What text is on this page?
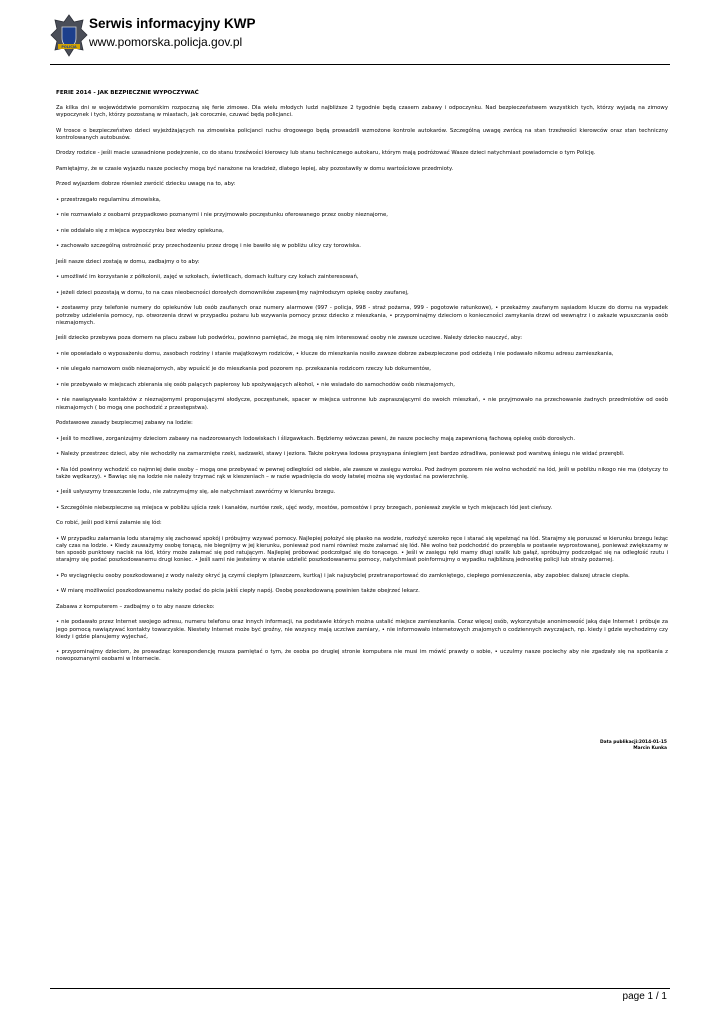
POLICJA
Serwis informacyjny KWP
www.pomorska.policja.gov.pl
FERIE 2014 - JAK BEZPIECZNIE WYPOCZYWAĆ

Za kilka dni w województwie pomorskim rozpoczną się ferie zimowe. Dla wielu młodych ludzi najbliższe 2 tygodnie będą czasem zabawy i odpoczynku. Nad bezpieczeństwem wszystkich tych, którzy wyjadą na zimowy wypoczynek i tych, którzy pozostaną w miastach, jak corocznie, czuwać będą policjanci.

W trosce o bezpieczeństwo dzieci wyjeżdżających na zimowiska policjanci ruchu drogowego będą prowadzili wzmożone kontrole autokarów. Szczególną uwagę zwrócą na stan trzeźwości kierowców oraz stan techniczny kontrolowanych autobusów.

Drodzy rodzice - jeśli macie uzasadnione podejrzenie, co do stanu trzeźwości kierowcy lub stanu technicznego autokaru, którym mają podróżować Wasze dzieci natychmiast powiadomcie o tym Policję.

Pamiętajmy, że w czasie wyjazdu nasze pociechy mogą być narażone na kradzież, dlatego lepiej, aby pozostawiły w domu wartościowe przedmioty.

Przed wyjazdem dobrze również zwrócić dziecku uwagę na to, aby:

• przestrzegało regulaminu zimowiska,

• nie rozmawiało z osobami przypadkowo poznanymi i nie przyjmowało poczęstunku oferowanego przez osoby nieznajome,

• nie oddalało się z miejsca wypoczynku bez wiedzy opiekuna,

• zachowało szczególną ostrożność przy przechodzeniu przez drogę i nie bawiło się w pobliżu ulicy czy torowiska.

Jeśli nasze dzieci zostają w domu, zadbajmy o to aby:

• umożliwić im korzystanie z półkolonii, zajęć w szkołach, świetlicach, domach kultury czy kołach zainteresowań,

• jeżeli dzieci pozostają w domu, to na czas nieobecności dorosłych domowników zapewnijmy najmłodszym opiekę osoby zaufanej,

• zostawmy przy telefonie numery do opiekunów lub osób zaufanych oraz numery alarmowe (997 - policja, 998 - straż pożarna, 999 - pogotowie ratunkowe), • przekażmy zaufanym sąsiadom klucze do domu na wypadek potrzeby udzielenia pomocy, np. otworzenia drzwi w przypadku pożaru lub wzywania pomocy przez dziecko z mieszkania, • przypominajmy dzieciom o konieczności zamykania drzwi od wewnątrz i o zakazie wpuszczania osób nieznajomych.

Jeśli dziecko przebywa poza domem na placu zabaw lub podwórku, powinno pamiętać, że mogą się nim interesować osoby nie zawsze uczciwe. Należy dziecko nauczyć, aby:

• nie opowiadało o wyposażeniu domu, zasobach rodziny i stanie majątkowym rodziców, • klucze do mieszkania nosiło zawsze dobrze zabezpieczone pod odzieżą i nie podawało nikomu adresu zamieszkania,

• nie ulegało namowom osób nieznajomych, aby wpuścić je do mieszkania pod pozorem np. przekazania rodzicom rzeczy lub dokumentów,

• nie przebywało w miejscach zbierania się osób palących papierosy lub spożywających alkohol, • nie wsiadało do samochodów osób nieznajomych,

• nie nawiązywało kontaktów z nieznajomymi proponującymi słodycze, poczęstunek, spacer w miejsca ustronne lub zapraszającymi do swoich mieszkań, • nie przyjmowało na przechowanie żadnych przedmiotów od osób nieznajomych ( bo mogą one pochodzić z przestępstwa).

Podstawowe zasady bezpiecznej zabawy na lodzie:

• Jeśli to możliwe, zorganizujmy dzieciom zabawy na nadzorowanych lodowiskach i ślizgawkach. Będziemy wówczas pewni, że nasze pociechy mają zapewnioną fachową opiekę osób dorosłych.

• Należy przestrzec dzieci, aby nie wchodziły na zamarznięte rzeki, sadzawki, stawy i jeziora. Także pokrywa lodowa przysypana śniegiem jest bardzo zdradliwa, ponieważ pod warstwą śniegu nie widać przerębli.

• Na lód powinny wchodzić co najmniej dwie osoby – mogą one przebywać w pewnej odległości od siebie, ale zawsze w zasięgu wzroku. Pod żadnym pozorem nie wolno wchodzić na lód, jeśli w pobliżu nikogo nie ma (dotyczy to także wędkarzy). • Bawiąc się na lodzie nie należy trzymać rąk w kieszeniach – w razie wpadnięcia do wody łatwiej można się wydostać na powierzchnię.

• Jeśli usłyszymy trzeszczenie lodu, nie zatrzymujmy się, ale natychmiast zawróćmy w kierunku brzegu.

• Szczególnie niebezpieczne są miejsca w pobliżu ujścia rzek i kanałów, nurtów rzek, ujęć wody, mostów, pomostów i przy brzegach, ponieważ zwykle w tych miejscach lód jest cieńszy.

Co robić, jeśli pod kimś załamie się lód:

• W przypadku załamania lodu starajmy się zachować spokój i próbujmy wzywać pomocy. Najlepiej położyć się płasko na wodzie, rozłożyć szeroko ręce i starać się wpełznąć na lód. Starajmy się poruszać w kierunku brzegu leżąc cały czas na lodzie. • Kiedy zauważymy osobę tonącą, nie biegnijmy w jej kierunku, ponieważ pod nami również może załamać się lód. Nie wolno też podchodzić do przerębla w postawie wyprostowanej, ponieważ zwiększamy w ten sposób punktowy nacisk na lód, który może załamać się pod ratującym. Najlepiej próbować podczołgać się do tonącego. • Jeśli w zasięgu ręki mamy długi szalik lub gałąź, spróbujmy podczołgać się na odległość rzutu i starajmy się podać poszkodowanemu drugi koniec. • Jeśli sami nie jesteśmy w stanie udzielić poszkodowanemu pomocy, natychmiast poinformujmy o wypadku najbliższą jednostkę policji lub straży pożarnej.

• Po wyciągnięciu osoby poszkodowanej z wody należy okryć ją czymś ciepłym (płaszczem, kurtką) i jak najszybciej przetransportować do zamkniętego, ciepłego pomieszczenia, aby zapobiec dalszej utracie ciepła.

• W miarę możliwości poszkodowanemu należy podać do picia jakiś ciepły napój. Osobę poszkodowaną powinien także obejrzeć lekarz.

Zabawa z komputerem – zadbajmy o to aby nasze dziecko:

• nie podawało przez Internet swojego adresu, numeru telefonu oraz innych informacji, na podstawie których można ustalić miejsce zamieszkania. Coraz więcej osób, wykorzystuje anonimowość jaką daje Internet i próbuje za jego pomocą nawiązywać kontakty towarzyskie. Niestety Internet może być groźny, nie wszyscy mają uczciwe zamiary, • nie informowało internetowych znajomych o codziennych zwyczajach, np. kiedy i gdzie wychodzimy czy kiedy i gdzie planujemy wyjechać,

• przypominajmy dzieciom, że prowadząc korespondencję musza pamiętać o tym, że osoba po drugiej stronie komputera nie musi im mówić prawdy o sobie, • uczulmy nasze pociechy aby nie zgadzały się na spotkania z nowopoznanymi osobami w Internecie.

Data publikacji:2014-01-15
Marcin Kunka
page 1 / 1
